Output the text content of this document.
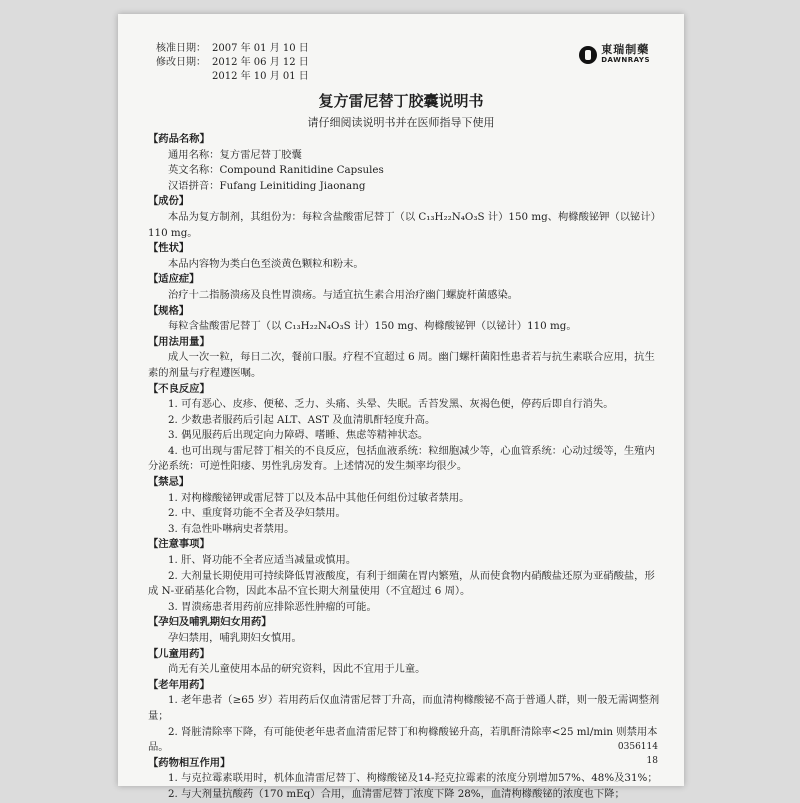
核准日期： 2007 年 01 月 10 日
修改日期： 2012 年 06 月 12 日
2012 年 10 月 01 日
東瑞制藥
DAWNRAYS
复方雷尼替丁胶囊说明书
请仔细阅读说明书并在医师指导下使用
【药品名称】

通用名称：复方雷尼替丁胶囊

英文名称：Compound Ranitidine Capsules

汉语拼音：Fufang Leinitiding Jiaonang

【成份】

本品为复方制剂，其组份为：每粒含盐酸雷尼替丁（以 C₁₃H₂₂N₄O₃S 计）150 mg、枸橼酸铋钾（以铋计）110 mg。

【性状】

本品内容物为类白色至淡黄色颗粒和粉末。

【适应症】

治疗十二指肠溃疡及良性胃溃疡。与适宜抗生素合用治疗幽门螺旋杆菌感染。

【规格】

每粒含盐酸雷尼替丁（以 C₁₃H₂₂N₄O₃S 计）150 mg、枸橼酸铋钾（以铋计）110 mg。

【用法用量】

成人一次一粒，每日二次，餐前口服。疗程不宜超过 6 周。幽门螺杆菌阳性患者若与抗生素联合应用，抗生素的剂量与疗程遵医嘱。

【不良反应】

1. 可有恶心、皮疹、便秘、乏力、头痛、头晕、失眠。舌苔发黑、灰褐色便，停药后即自行消失。

2. 少数患者服药后引起 ALT、AST 及血清肌酐轻度升高。

3. 偶见服药后出现定向力障碍、嗜睡、焦虑等精神状态。

4. 也可出现与雷尼替丁相关的不良反应，包括血液系统：粒细胞减少等，心血管系统：心动过缓等，生殖内分泌系统：可逆性阳痿、男性乳房发育。上述情况的发生频率均很少。

【禁忌】

1. 对枸橼酸铋钾或雷尼替丁以及本品中其他任何组份过敏者禁用。

2. 中、重度肾功能不全者及孕妇禁用。

3. 有急性卟啉病史者禁用。

【注意事项】

1. 肝、肾功能不全者应适当减量或慎用。

2. 大剂量长期使用可持续降低胃液酸度，有利于细菌在胃内繁殖，从而使食物内硝酸盐还原为亚硝酸盐，形成 N-亚硝基化合物，因此本品不宜长期大剂量使用（不宜超过 6 周）。

3. 胃溃疡患者用药前应排除恶性肿瘤的可能。

【孕妇及哺乳期妇女用药】

孕妇禁用，哺乳期妇女慎用。

【儿童用药】

尚无有关儿童使用本品的研究资料，因此不宜用于儿童。

【老年用药】

1. 老年患者（≥65 岁）若用药后仅血清雷尼替丁升高，而血清枸橼酸铋不高于普通人群，则一般无需调整剂量；

2. 肾脏清除率下降，有可能使老年患者血清雷尼替丁和枸橼酸铋升高，若肌酐清除率<25 ml/min 则禁用本品。

【药物相互作用】

1. 与克拉霉素联用时，机体血清雷尼替丁、枸橼酸铋及14-羟克拉霉素的浓度分别增加57%、48%及31%；

2. 与大剂量抗酸药（170 mEq）合用，血清雷尼替丁浓度下降 28%，血清枸橼酸铋的浓度也下降；

0356114
18
